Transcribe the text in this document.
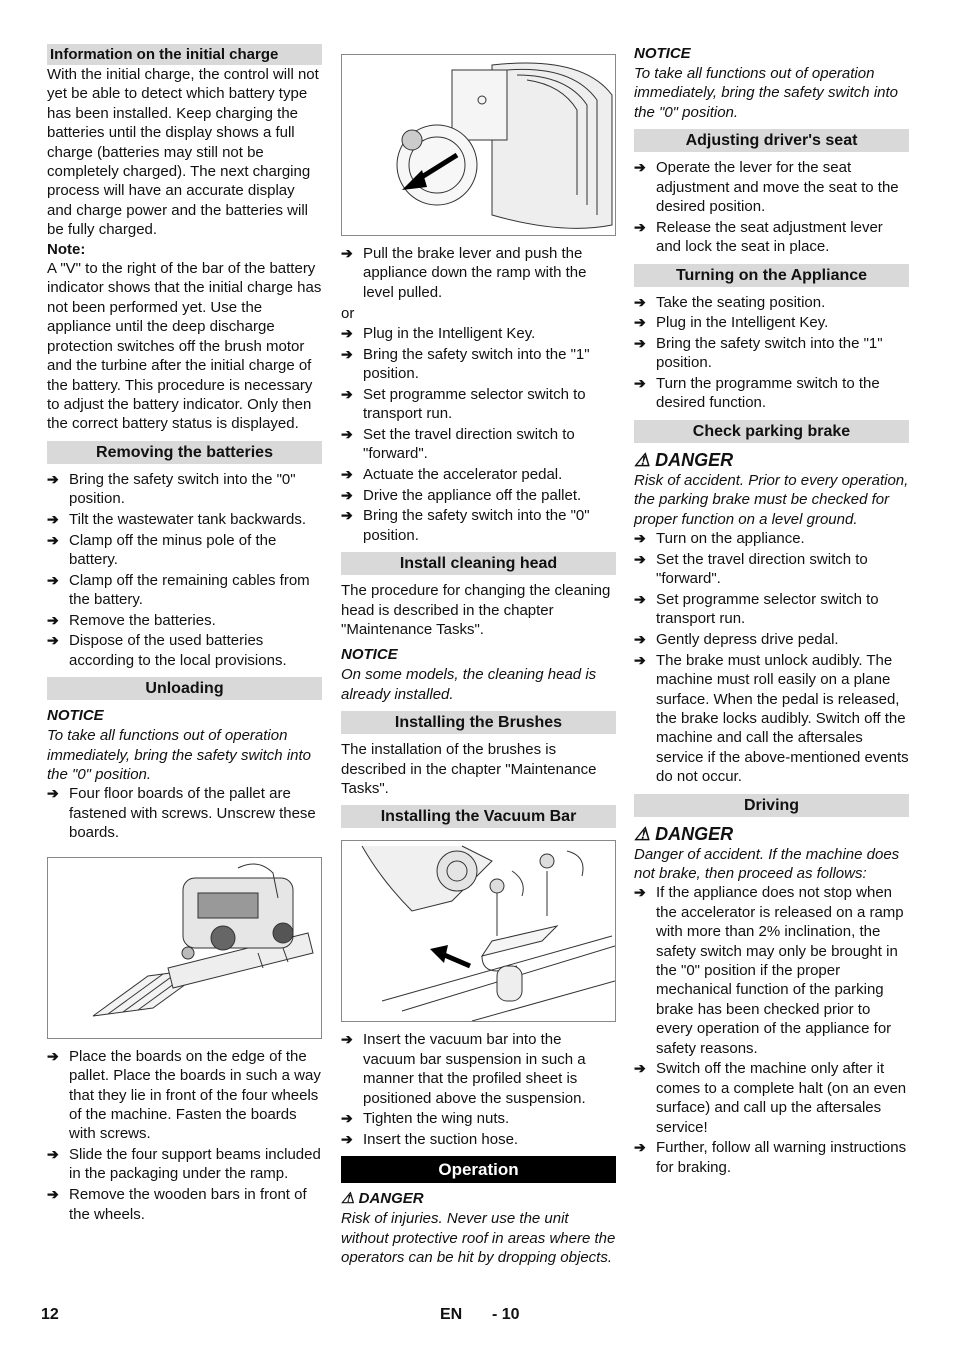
Information on the initial charge

With the initial charge, the control will not yet be able to detect which battery type has been installed. Keep charging the batteries until the display shows a full charge (batteries may still not be completely charged). The next charging process will have an accurate display and charge power and the batteries will be fully charged.

Note:

A "V" to the right of the bar of the battery indicator shows that the initial charge has not been performed yet. Use the appliance until the deep discharge protection switches off the brush motor and the turbine after the initial charge of the battery. This procedure is necessary to adjust the battery indicator. Only then the correct battery status is displayed.

Removing the batteries
➔ Bring the safety switch into the "0" position.
➔ Tilt the wastewater tank backwards.
➔ Clamp off the minus pole of the battery.
➔ Clamp off the remaining cables from the battery.
➔ Remove the batteries.
➔ Dispose of the used batteries according to the local provisions.
Unloading
NOTICE

To take all functions out of operation immediately, bring the safety switch into the "0" position.

➔ Four floor boards of the pallet are fastened with screws. Unscrew these boards.
➔ Place the boards on the edge of the pallet. Place the boards in such a way that they lie in front of the four wheels of the machine. Fasten the boards with screws.
➔ Slide the four support beams included in the packaging under the ramp.
➔ Remove the wooden bars in front of the wheels.
➔ Pull the brake lever and push the appliance down the ramp with the level pulled.

or

➔ Plug in the Intelligent Key.
➔ Bring the safety switch into the "1" position.
➔ Set programme selector switch to transport run.
➔ Set the travel direction switch to "forward".
➔ Actuate the accelerator pedal.
➔ Drive the appliance off the pallet.
➔ Bring the safety switch into the "0" position.
Install cleaning head

The procedure for changing the cleaning head is described in the chapter "Maintenance Tasks".

NOTICE

On some models, the cleaning head is already installed.

Installing the Brushes

The installation of the brushes is described in the chapter "Maintenance Tasks".

Installing the Vacuum Bar
➔ Insert the vacuum bar into the vacuum bar suspension in such a manner that the profiled sheet is positioned above the suspension.
➔ Tighten the wing nuts.
➔ Insert the suction hose.
Operation
⚠ DANGER

Risk of injuries. Never use the unit without protective roof in areas where the operators can be hit by dropping objects.

NOTICE

To take all functions out of operation immediately, bring the safety switch into the "0" position.

Adjusting driver's seat
➔ Operate the lever for the seat adjustment and move the seat to the desired position.
➔ Release the seat adjustment lever and lock the seat in place.
Turning on the Appliance
➔ Take the seating position.
➔ Plug in the Intelligent Key.
➔ Bring the safety switch into the "1" position.
➔ Turn the programme switch to the desired function.
Check parking brake
⚠ DANGER

Risk of accident. Prior to every operation, the parking brake must be checked for proper function on a level ground.

➔ Turn on the appliance.
➔ Set the travel direction switch to "forward".
➔ Set programme selector switch to transport run.
➔ Gently depress drive pedal.
➔ The brake must unlock audibly. The machine must roll easily on a plane surface. When the pedal is released, the brake locks audibly. Switch off the machine and call the aftersales service if the above-mentioned events do not occur.
Driving
⚠ DANGER

Danger of accident. If the machine does not brake, then proceed as follows:

➔ If the appliance does not stop when the accelerator is released on a ramp with more than 2% inclination, the safety switch may only be brought in the "0" position if the proper mechanical function of the parking brake has been checked prior to every operation of the appliance for safety reasons.
➔ Switch off the machine only after it comes to a complete halt (on an even surface) and call up the aftersales service!
➔ Further, follow all warning instructions for braking.
12	EN - 10
